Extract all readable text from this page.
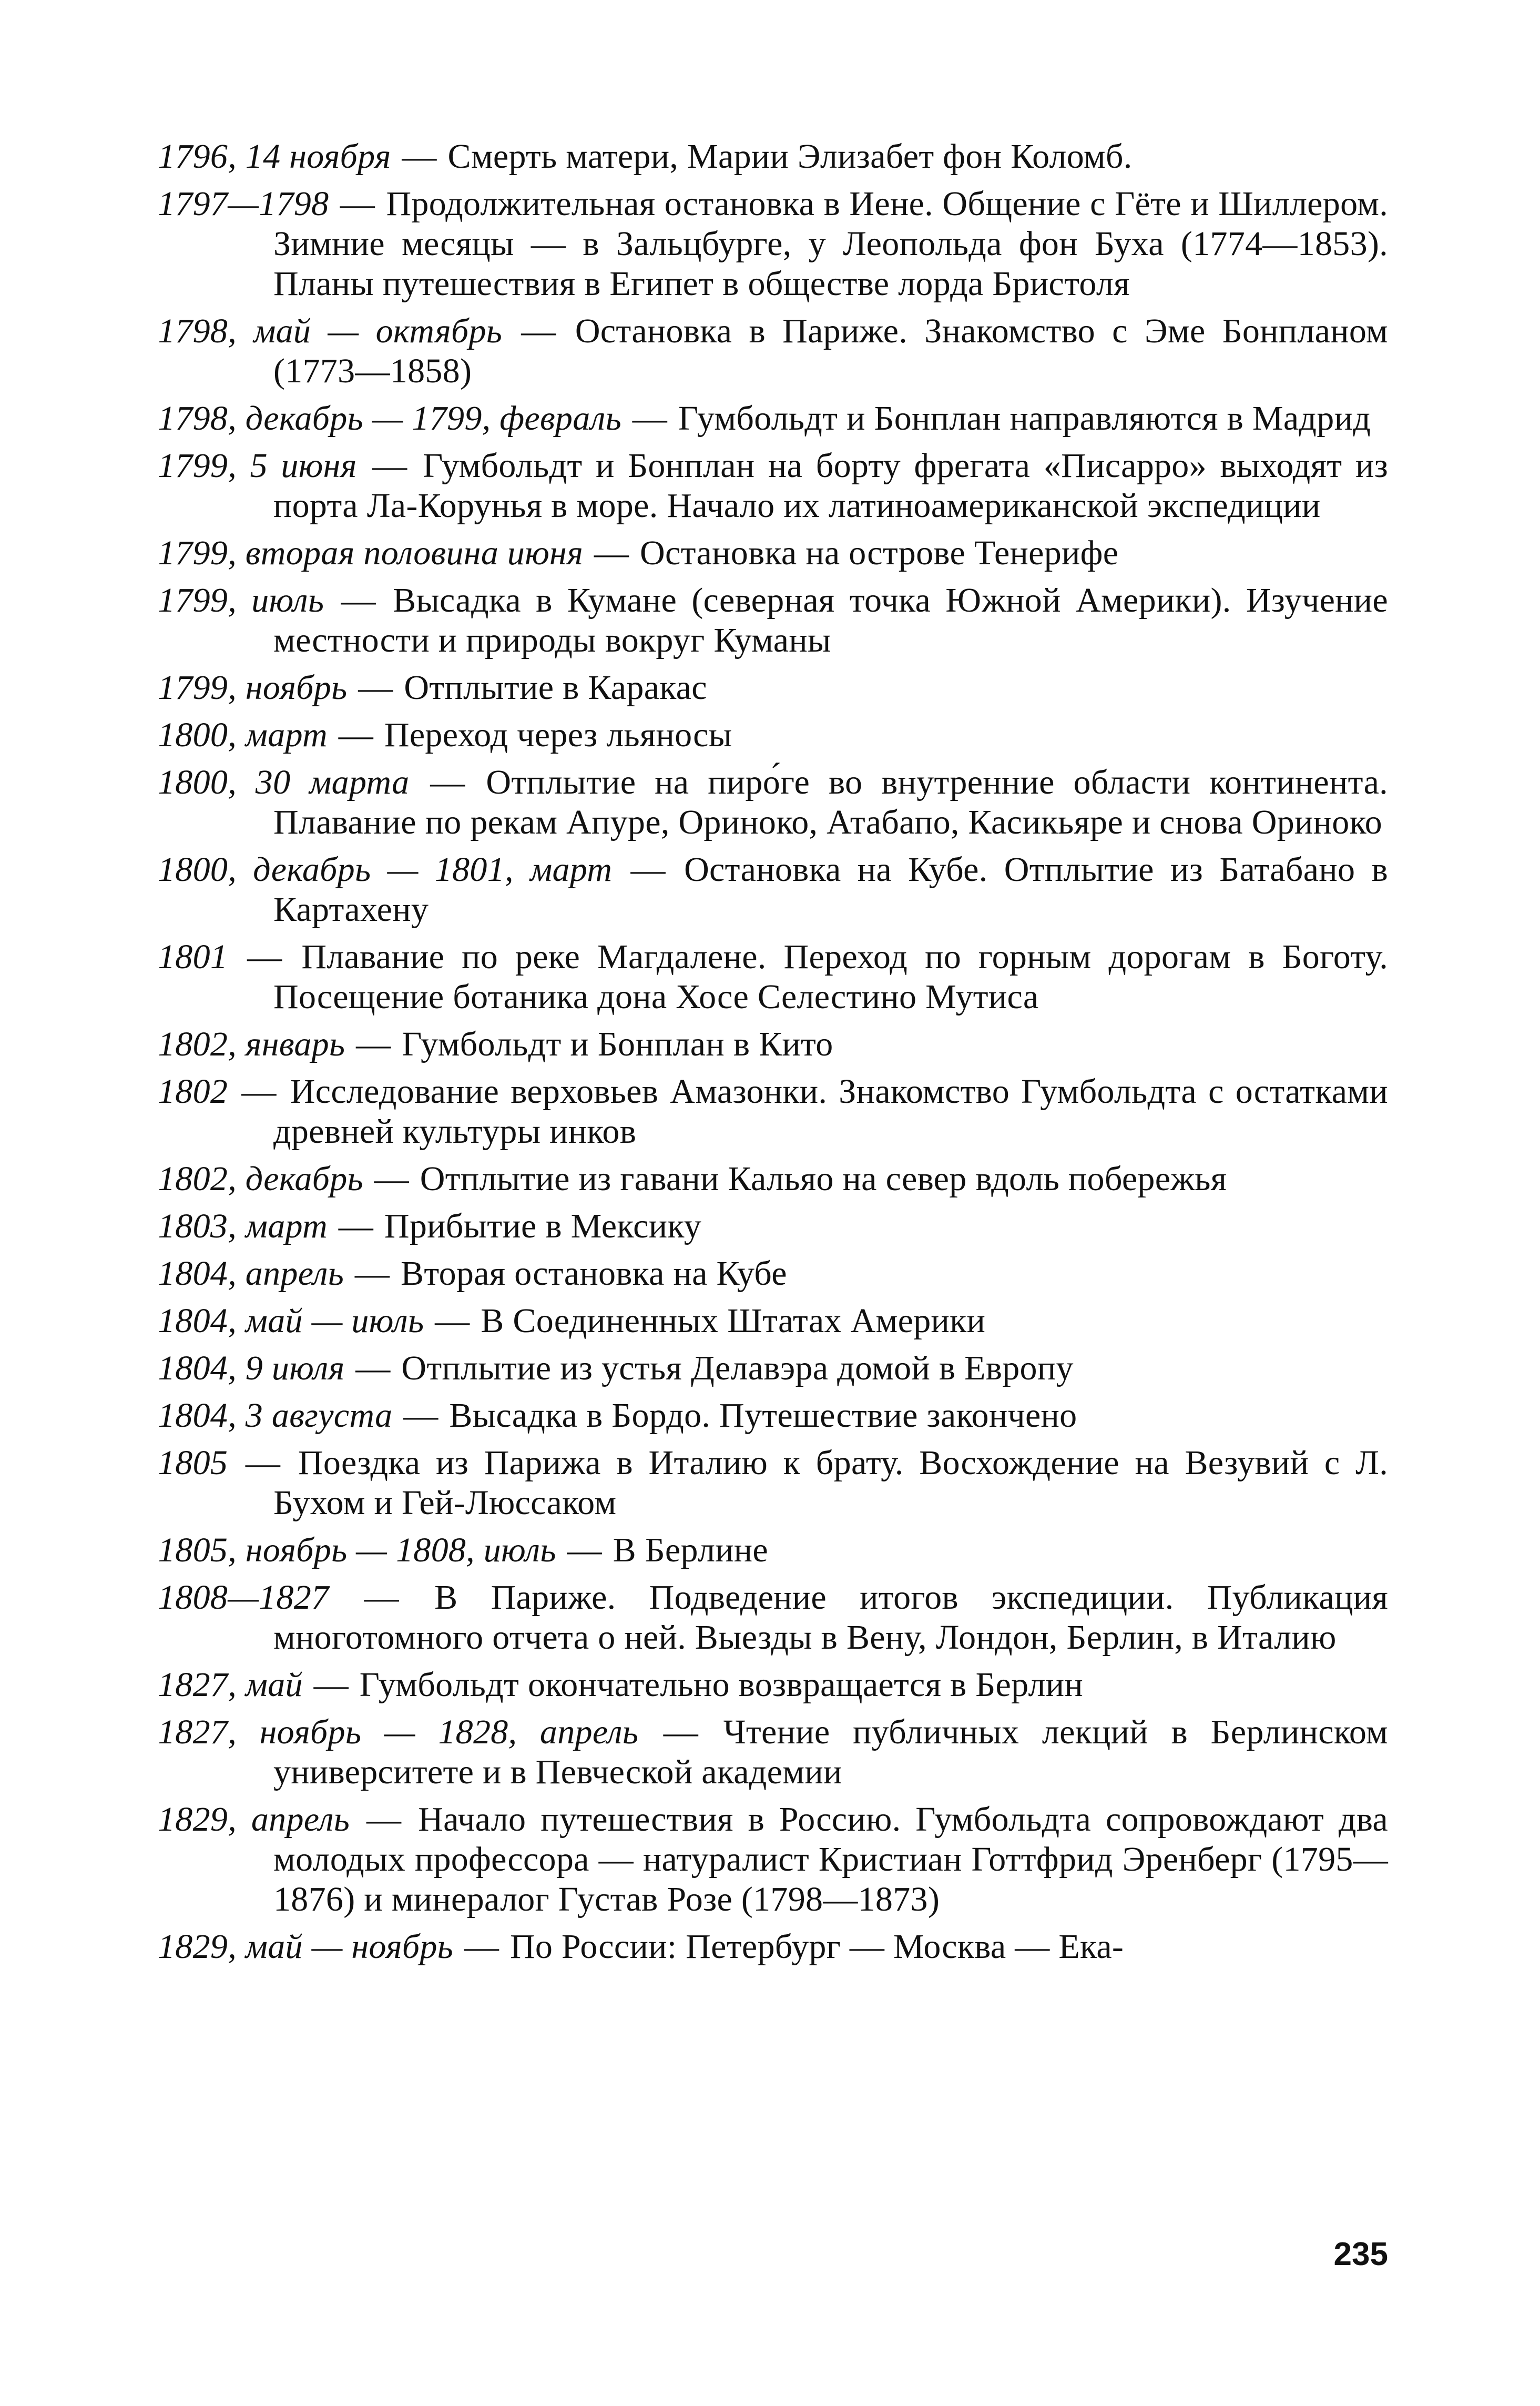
1796, 14 ноября — Смерть матери, Марии Элизабет фон Коломб.

1797—1798 — Продолжительная остановка в Иене. Общение с Гёте и Шиллером. Зимние месяцы — в Зальцбурге, у Леопольда фон Буха (1774—1853). Планы путешествия в Египет в обществе лорда Бристоля

1798, май — октябрь — Остановка в Париже. Знакомство с Эме Бонпланом (1773—1858)

1798, декабрь — 1799, февраль — Гумбольдт и Бонплан направляются в Мадрид

1799, 5 июня — Гумбольдт и Бонплан на борту фрегата «Писарро» выходят из порта Ла-Корунья в море. Начало их латиноамериканской экспедиции

1799, вторая половина июня — Остановка на острове Тенерифе

1799, июль — Высадка в Кумане (северная точка Южной Америки). Изучение местности и природы вокруг Куманы

1799, ноябрь — Отплытие в Каракас

1800, март — Переход через льяносы

1800, 30 марта — Отплытие на пиро́ге во внутренние области континента. Плавание по рекам Апуре, Ориноко, Атабапо, Касикьяре и снова Ориноко

1800, декабрь — 1801, март — Остановка на Кубе. Отплытие из Батабано в Картахену

1801 — Плавание по реке Магдалене. Переход по горным дорогам в Боготу. Посещение ботаника дона Хосе Селестино Мутиса

1802, январь — Гумбольдт и Бонплан в Кито

1802 — Исследование верховьев Амазонки. Знакомство Гумбольдта с остатками древней культуры инков

1802, декабрь — Отплытие из гавани Кальяо на север вдоль побережья

1803, март — Прибытие в Мексику

1804, апрель — Вторая остановка на Кубе

1804, май — июль — В Соединенных Штатах Америки

1804, 9 июля — Отплытие из устья Делавэра домой в Европу

1804, 3 августа — Высадка в Бордо. Путешествие закончено

1805 — Поездка из Парижа в Италию к брату. Восхождение на Везувий с Л. Бухом и Гей-Люссаком

1805, ноябрь — 1808, июль — В Берлине

1808—1827 — В Париже. Подведение итогов экспедиции. Публикация многотомного отчета о ней. Выезды в Вену, Лондон, Берлин, в Италию

1827, май — Гумбольдт окончательно возвращается в Берлин

1827, ноябрь — 1828, апрель — Чтение публичных лекций в Берлинском университете и в Певческой академии

1829, апрель — Начало путешествия в Россию. Гумбольдта сопровождают два молодых профессора — натуралист Кристиан Готтфрид Эренберг (1795—1876) и минералог Густав Розе (1798—1873)

1829, май — ноябрь — По России: Петербург — Москва — Ека-

235
